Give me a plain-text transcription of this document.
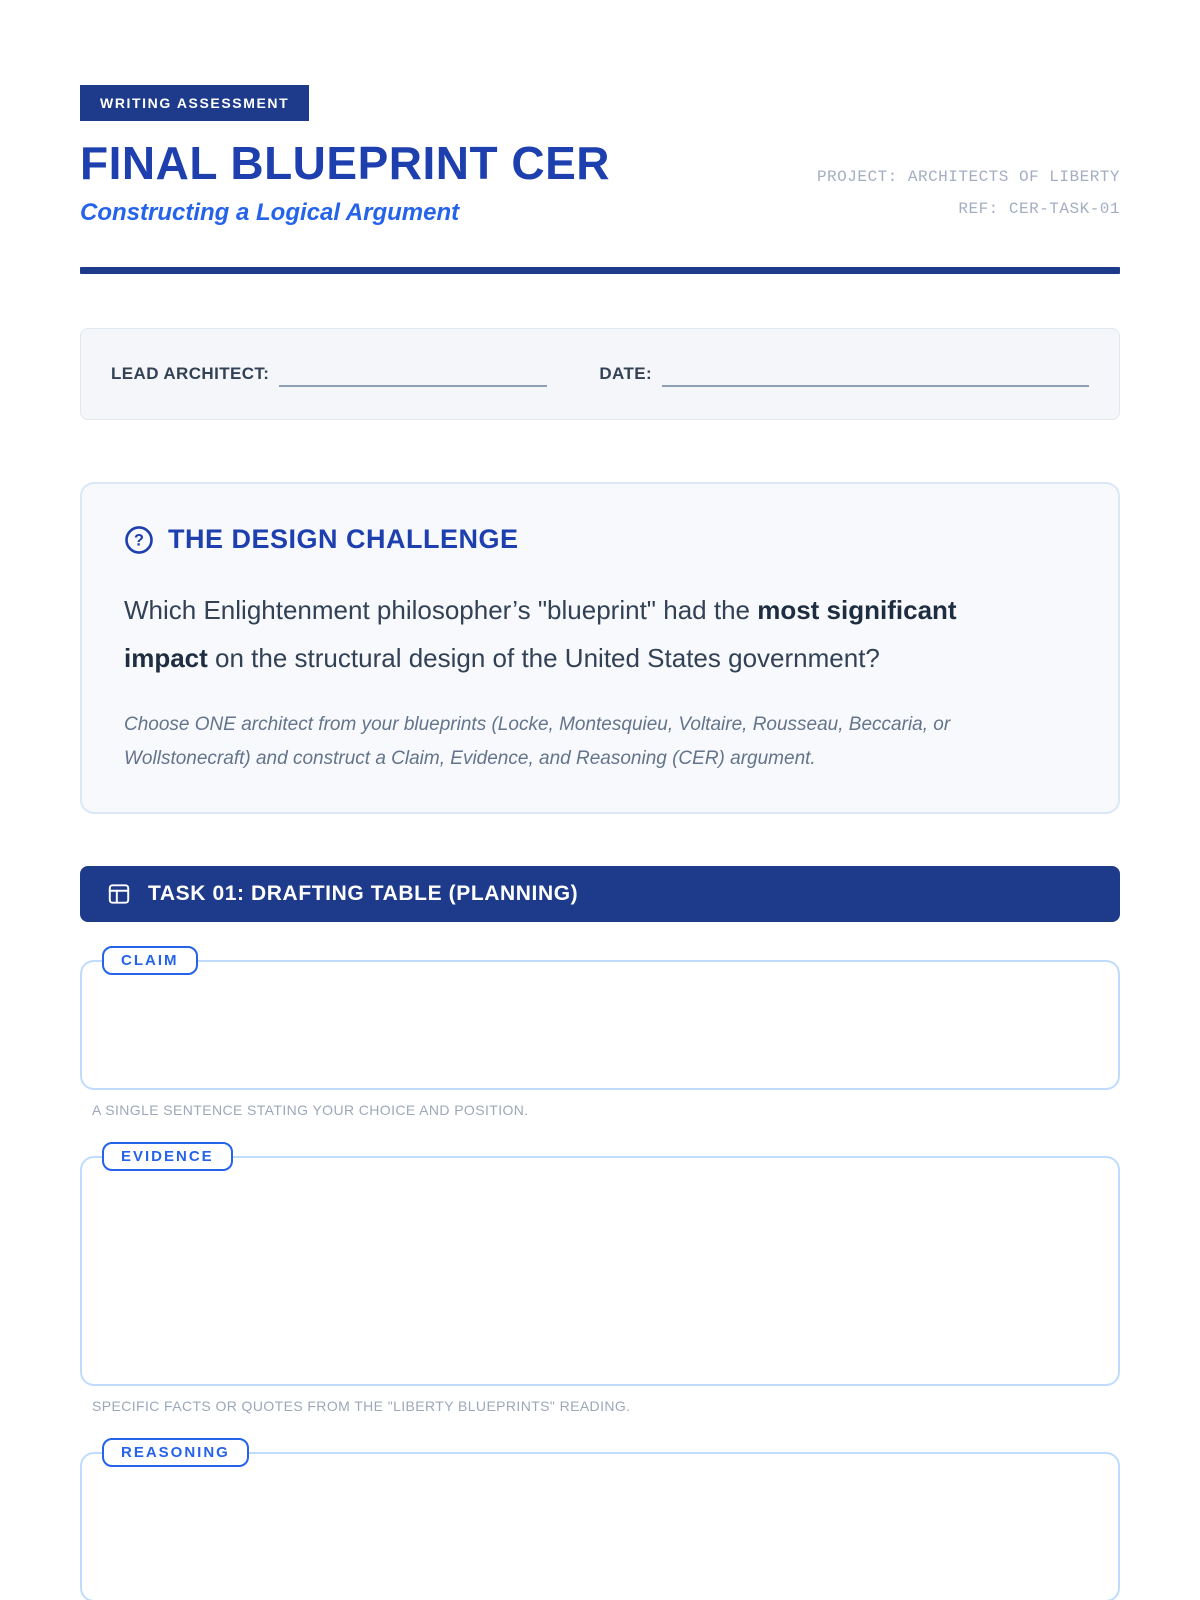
WRITING ASSESSMENT
FINAL BLUEPRINT CER
Constructing a Logical Argument
PROJECT: ARCHITECTS OF LIBERTY
REF: CER-TASK-01
LEAD ARCHITECT:	DATE:
? THE DESIGN CHALLENGE

Which Enlightenment philosopher’s "blueprint" had the most significant impact on the structural design of the United States government?

Choose ONE architect from your blueprints (Locke, Montesquieu, Voltaire, Rousseau, Beccaria, or Wollstonecraft) and construct a Claim, Evidence, and Reasoning (CER) argument.

TASK 01: DRAFTING TABLE (PLANNING)
CLAIM
A SINGLE SENTENCE STATING YOUR CHOICE AND POSITION.
EVIDENCE
SPECIFIC FACTS OR QUOTES FROM THE "LIBERTY BLUEPRINTS" READING.
REASONING
